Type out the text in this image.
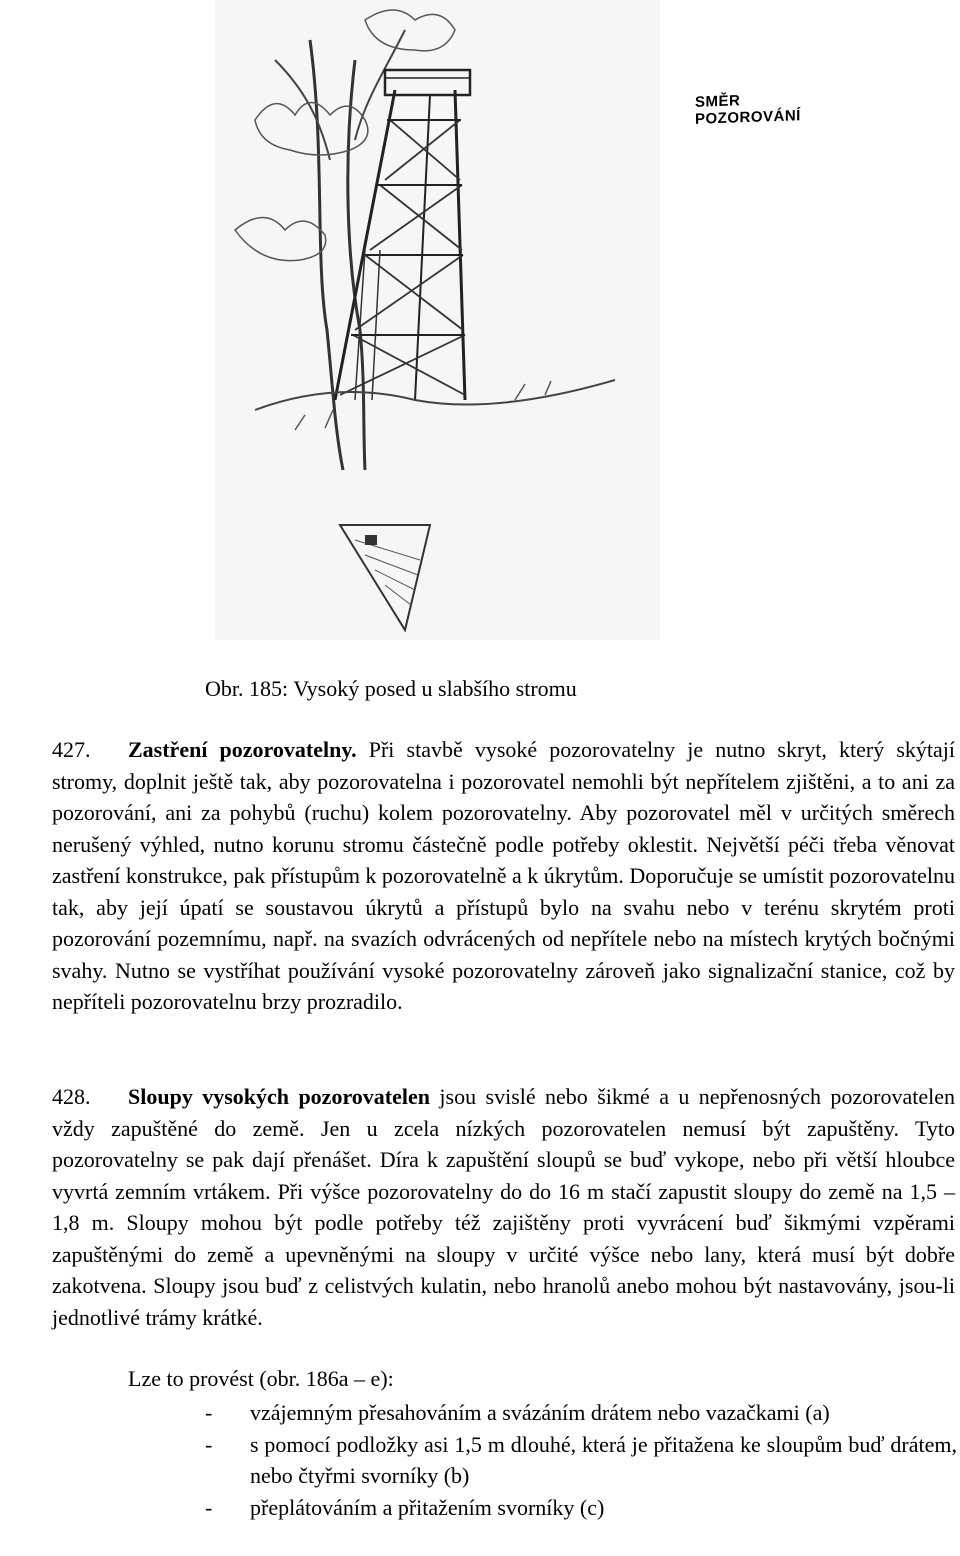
SMĚR POZOROVÁNÍ
Obr. 185: Vysoký posed u slabšího stromu
427. Zastření pozorovatelny. Při stavbě vysoké pozorovatelny je nutno skryt, který skýtají stromy, doplnit ještě tak, aby pozorovatelna i pozorovatel nemohli být nepřítelem zjištěni, a to ani za pozorování, ani za pohybů (ruchu) kolem pozorovatelny. Aby pozorovatel měl v určitých směrech nerušený výhled, nutno korunu stromu částečně podle potřeby oklestit. Největší péči třeba věnovat zastření konstrukce, pak přístupům k pozorovatelně a k úkrytům. Doporučuje se umístit pozorovatelnu tak, aby její úpatí se soustavou úkrytů a přístupů bylo na svahu nebo v terénu skrytém proti pozorování pozemnímu, např. na svazích odvrácených od nepřítele nebo na místech krytých bočnými svahy. Nutno se vystříhat používání vysoké pozorovatelny zároveň jako signalizační stanice, což by nepříteli pozorovatelnu brzy prozradilo.
428. Sloupy vysokých pozorovatelen jsou svislé nebo šikmé a u nepřenosných pozorovatelen vždy zapuštěné do země. Jen u zcela nízkých pozorovatelen nemusí být zapuštěny. Tyto pozorovatelny se pak dají přenášet. Díra k zapuštění sloupů se buď vykope, nebo při větší hloubce vyvrtá zemním vrtákem. Při výšce pozorovatelny do do 16 m stačí zapustit sloupy do země na 1,5 – 1,8 m. Sloupy mohou být podle potřeby též zajištěny proti vyvrácení buď šikmými vzpěrami zapuštěnými do země a upevněnými na sloupy v určité výšce nebo lany, která musí být dobře zakotvena. Sloupy jsou buď z celistvých kulatin, nebo hranolů anebo mohou být nastavovány, jsou-li jednotlivé trámy krátké.
Lze to provést (obr. 186a – e):
- vzájemným přesahováním a svázáním drátem nebo vazačkami (a)
- s pomocí podložky asi 1,5 m dlouhé, která je přitažena ke sloupům buď drátem, nebo čtyřmi svorníky (b)
- přeplátováním a přitažením svorníky (c)
